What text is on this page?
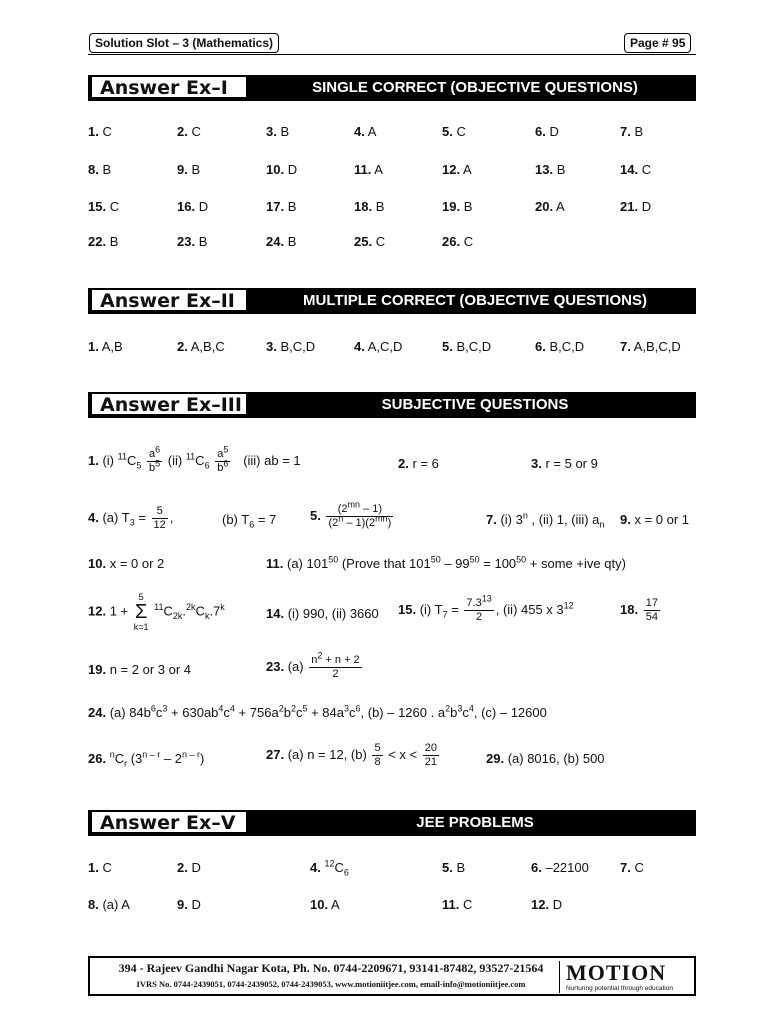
Solution Slot – 3 (Mathematics)	Page # 95
Answer Ex–I	SINGLE CORRECT (OBJECTIVE QUESTIONS)
1. C	2. C	3. B	4. A	5. C	6. D	7. B
8. B	9. B	10. D	11. A	12. A	13. B	14. C
15. C	16. D	17. B	18. B	19. B	20. A	21. D
22. B	23. B	24. B	25. C	26. C
Answer Ex–II	MULTIPLE CORRECT (OBJECTIVE QUESTIONS)
1. A,B	2. A,B,C	3. B,C,D	4. A,C,D	5. B,C,D	6. B,C,D	7. A,B,C,D
Answer Ex–III	SUBJECTIVE QUESTIONS
1. (i) $^{11}C_5 \frac{a^6}{b^5} (ii)$ $^{11}C_6 \frac{a^5}{b^6} (iii)$ ab = 1	2. r = 6	3. r = 5 or 9
4. (a) $T_3 = \frac{5}{12}$ ,	(b) $T_6 = 7$	5. $\frac{(2^{mn} - 1)}{(2^n - 1)(2^{mn})}$	7. (i) 3$^n$ , (ii) 1, (iii) $a_n$ 9. x = 0 or 1
10. x = 0 or 2	11. (a) $101^{50}$ (Prove that $101^{50} - 99^{50} = 100^{50}$ + some +ive qty)
12. 1 + 5
Σ
k=1 $^{11}C_{2k}.^{2k}C_k.7^k$	14. (i) 990, (ii) 3660 15. (i) $T_7 = \frac{7.3^{13}}{2}$ , (ii) 455 x $3^{12}$	18. $\frac{17}{54}$
19. n = 2 or 3 or 4	23. $(a) \frac{n^2 + n + 2}{2}$
24. (a) $84b^6c^3 + 630ab^4c^4 + 756a^2b^2c^5 + 84a^3c^6$, (b) – 1260 . $a^2b^3c^4$, (c) – 12600
26. $^nC_r$ (3$^{n - r}$ – 2$^{n - r}$)	27. (a) n = 12, $(b) \frac{5}{8} < x < \frac{20}{21}$	29. (a) 8016, (b) 500
Answer Ex–V	JEE PROBLEMS
1. C	2. D	4. $^{12}C_6$	5. B	6. –22100 7. C
8. (a) A	9. D	10. A	11. C	12. D
394 - Rajeev Gandhi Nagar Kota, Ph. No. 0744-2209671, 93141-87482, 93527-21564
IVRS No. 0744-2439051, 0744-2439052, 0744-2439053, www.motioniitjee.com, email-info@motioniitjee.com	MOTION
Nurturing potential through education
